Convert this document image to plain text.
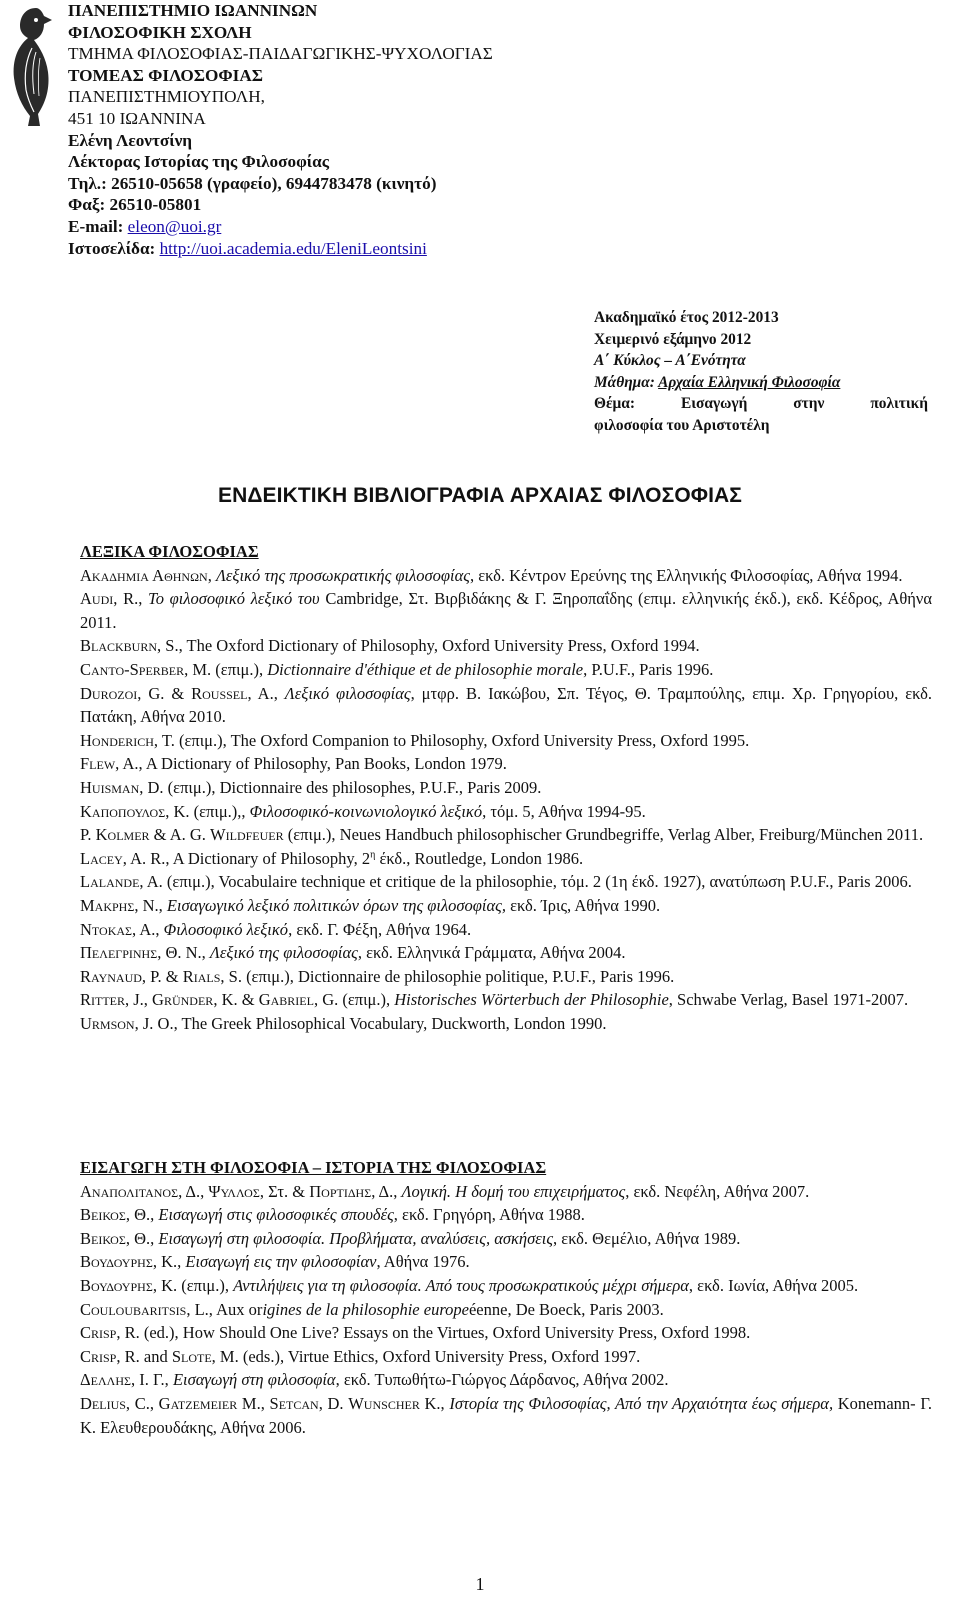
ΠΑΝΕΠΙΣΤΗΜΙΟ ΙΩΑΝΝΙΝΩΝ
ΦΙΛΟΣΟΦΙΚΗ ΣΧΟΛΗ
ΤΜΗΜΑ ΦΙΛΟΣΟΦΙΑΣ-ΠΑΙΔΑΓΩΓΙΚΗΣ-ΨΥΧΟΛΟΓΙΑΣ
ΤΟΜΕΑΣ ΦΙΛΟΣΟΦΙΑΣ
ΠΑΝΕΠΙΣΤΗΜΙΟΥΠΟΛΗ,
451 10 ΙΩΑΝΝΙΝΑ
Ελένη Λεοντσίνη
Λέκτορας Ιστορίας της Φιλοσοφίας
Τηλ.: 26510-05658 (γραφείο), 6944783478 (κινητό)
Φαξ: 26510-05801
E-mail: eleon@uoi.gr
Ιστοσελίδα: http://uoi.academia.edu/EleniLeontsini
Ακαδημαϊκό έτος 2012-2013
Χειμερινό εξάμηνο 2012
Α΄ Κύκλος – Α΄Ενότητα
Μάθημα: Αρχαία Ελληνική Φιλοσοφία
Θέμα:	Εισαγωγή	στην	πολιτική
φιλοσοφία του Αριστοτέλη
ΕΝΔΕΙΚΤΙΚΗ ΒΙΒΛΙΟΓΡΑΦΙΑ ΑΡΧΑΙΑΣ ΦΙΛΟΣΟΦΙΑΣ
ΛΕΞΙΚΑ ΦΙΛΟΣΟΦΙΑΣ
Ακαδημια Αθηνων, Λεξικό της προσωκρατικής φιλοσοφίας, εκδ. Κέντρον Ερεύνης της Ελληνικής Φιλοσοφίας, Αθήνα 1994.
Audi, R., Το φιλοσοφικό λεξικό του Cambridge, Στ. Βιρβιδάκης & Γ. Ξηροπαΐδης (επιμ. ελληνικής έκδ.), εκδ. Κέδρος, Αθήνα 2011.
Blackburn, S., The Oxford Dictionary of Philosophy, Oxford University Press, Oxford 1994.
Canto-Sperber, M. (επιμ.), Dictionnaire d'éthique et de philosophie morale, P.U.F., Paris 1996.
Durozoi, G. & Roussel, A., Λεξικό φιλοσοφίας, μτφρ. Β. Ιακώβου, Σπ. Τέγος, Θ. Τραμπούλης, επιμ. Χρ. Γρηγορίου, εκδ. Πατάκη, Αθήνα 2010.
Honderich, T. (επιμ.), The Oxford Companion to Philosophy, Oxford University Press, Oxford 1995.
Flew, A., A Dictionary of Philosophy, Pan Books, London 1979.
Huisman, D. (επιμ.), Dictionnaire des philosophes, P.U.F., Paris 2009.
Καποπουλος, Κ. (επιμ.),, Φιλοσοφικό-κοινωνιολογικό λεξικό, τόμ. 5, Αθήνα 1994-95.
P. Kolmer & A. G. Wildfeuer (επιμ.), Neues Handbuch philosophischer Grundbegriffe, Verlag Alber, Freiburg/München 2011.
Lacey, A. R., A Dictionary of Philosophy, $2^\eta$ έκδ., Routledge, London 1986.
Lalande, A. (επιμ.), Vocabulaire technique et critique de la philosophie, τόμ. 2 (1η έκδ. 1927), ανατύπωση P.U.F., Paris 2006.
Μακρης, Ν., Εισαγωγικό λεξικό πολιτικών όρων της φιλοσοφίας, εκδ. Ίρις, Αθήνα 1990.
Ντοκας, Α., Φιλοσοφικό λεξικό, εκδ. Γ. Φέξη, Αθήνα 1964.
Πελεγρινης, Θ. Ν., Λεξικό της φιλοσοφίας, εκδ. Ελληνικά Γράμματα, Αθήνα 2004.
Raynaud, P. & Rials, S. (επιμ.), Dictionnaire de philosophie politique, P.U.F., Paris 1996.
Ritter, J., Gründer, K. & Gabriel, G. (επιμ.), Historisches Wörterbuch der Philosophie, Schwabe Verlag, Basel 1971-2007.
Urmson, J. O., The Greek Philosophical Vocabulary, Duckworth, London 1990.
ΕΙΣΑΓΩΓΗ ΣΤΗ ΦΙΛΟΣΟΦΙΑ – ΙΣΤΟΡΙΑ ΤΗΣ ΦΙΛΟΣΟΦΙΑΣ
Αναπολιτανος, Δ., Ψυλλος, Στ. & Πορτιδης, Δ., Λογική. Η δομή του επιχειρήματος, εκδ. Νεφέλη, Αθήνα 2007.
Βεικος, Θ., Εισαγωγή στις φιλοσοφικές σπουδές, εκδ. Γρηγόρη, Αθήνα 1988.
Βεικος, Θ., Εισαγωγή στη φιλοσοφία. Προβλήματα, αναλύσεις, ασκήσεις, εκδ. Θεμέλιο, Αθήνα 1989.
Βουδουρης, Κ., Εισαγωγή εις την φιλοσοφίαν, Αθήνα 1976.
Βουδουρης, Κ. (επιμ.), Αντιλήψεις για τη φιλοσοφία. Από τους προσωκρατικούς μέχρι σήμερα, εκδ. Ιωνία, Αθήνα 2005.
Couloubaritsis, L., Aux origines de la philosophie europeéenne, De Boeck, Paris 2003.
Crisp, R. (ed.), How Should One Live? Essays on the Virtues, Oxford University Press, Oxford 1998.
Crisp, R. and Slote, M. (eds.), Virtue Ethics, Oxford University Press, Oxford 1997.
Δελλης, Ι. Γ., Εισαγωγή στη φιλοσοφία, εκδ. Τυπωθήτω-Γιώργος Δάρδανος, Αθήνα 2002.
Delius, C., Gatzemeier M., Setcan, D. Wunscher K., Ιστορία της Φιλοσοφίας, Από την Αρχαιότητα έως σήμερα, Konemann- Γ. Κ. Ελευθερουδάκης, Αθήνα 2006.
1
